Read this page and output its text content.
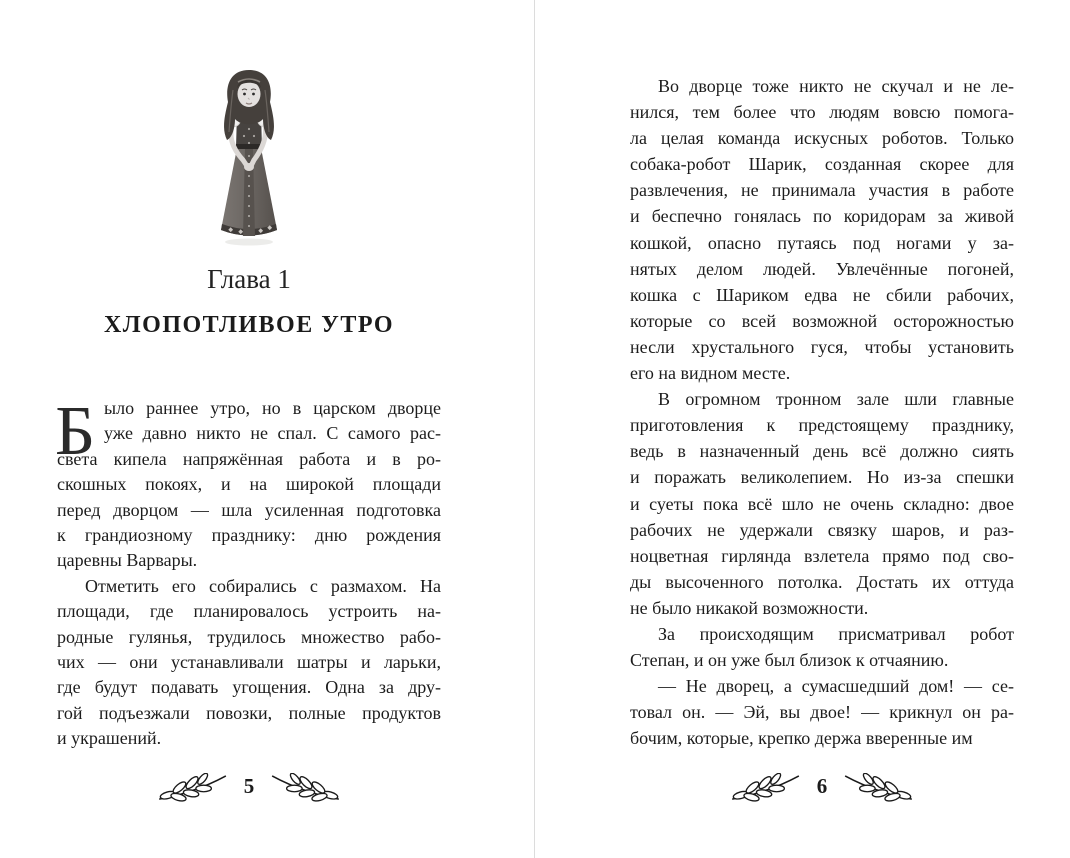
Глава 1
ХЛОПОТЛИВОЕ УТРО
Б ыло раннее утро, но в царском дворце
уже давно никто не спал. С самого рас-
света кипела напряжённая работа и в ро-
скошных покоях, и на широкой площади
перед дворцом — шла усиленная подготовка
к грандиозному празднику: дню рождения
царевны Варвары.
Отметить его собирались с размахом. На
площади, где планировалось устроить на-
родные гулянья, трудилось множество рабо-
чих — они устанавливали шатры и ларьки,
где будут подавать угощения. Одна за дру-
гой подъезжали повозки, полные продуктов
и украшений.
5
Во дворце тоже никто не скучал и не ле-
нился, тем более что людям вовсю помога-
ла целая команда искусных роботов. Только
собака-робот Шарик, созданная скорее для
развлечения, не принимала участия в работе
и беспечно гонялась по коридорам за живой
кошкой, опасно путаясь под ногами у за-
нятых делом людей. Увлечённые погоней,
кошка с Шариком едва не сбили рабочих,
которые со всей возможной осторожностью
несли хрустального гуся, чтобы установить
его на видном месте.
В огромном тронном зале шли главные
приготовления к предстоящему празднику,
ведь в назначенный день всё должно сиять
и поражать великолепием. Но из-за спешки
и суеты пока всё шло не очень складно: двое
рабочих не удержали связку шаров, и раз-
ноцветная гирлянда взлетела прямо под сво-
ды высоченного потолка. Достать их оттуда
не было никакой возможности.
За происходящим присматривал робот
Степан, и он уже был близок к отчаянию.
— Не дворец, а сумасшедший дом! — се-
товал он. — Эй, вы двое! — крикнул он ра-
бочим, которые, крепко держа вверенные им
6
